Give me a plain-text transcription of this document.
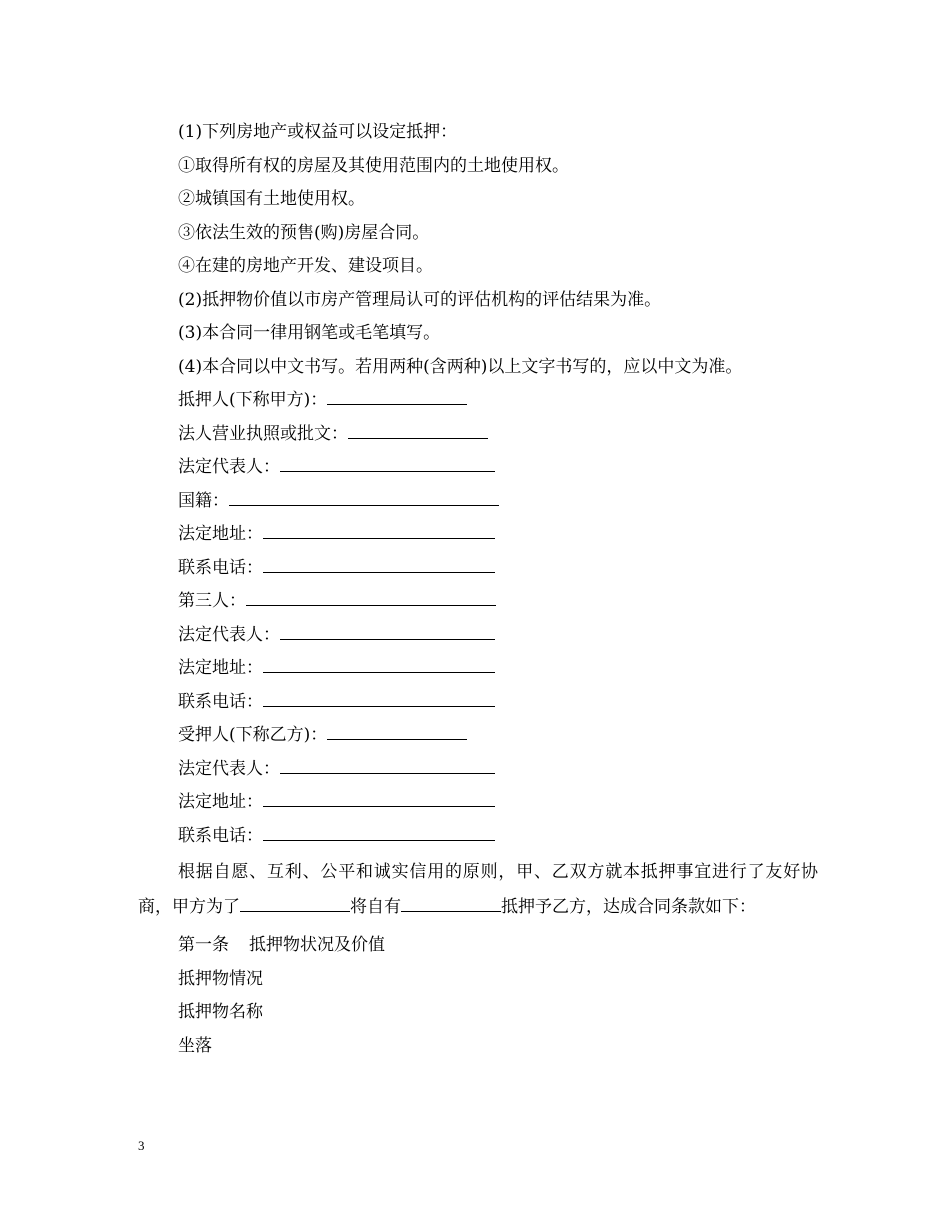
(1)下列房地产或权益可以设定抵押：
①取得所有权的房屋及其使用范围内的土地使用权。
②城镇国有土地使用权。
③依法生效的预售(购)房屋合同。
④在建的房地产开发、建设项目。
(2)抵押物价值以市房产管理局认可的评估机构的评估结果为准。
(3)本合同一律用钢笔或毛笔填写。
(4)本合同以中文书写。若用两种(含两种)以上文字书写的，应以中文为准。
抵押人(下称甲方)：
法人营业执照或批文：
法定代表人：
国籍：
法定地址：
联系电话：
第三人：
法定代表人：
法定地址：
联系电话：
受押人(下称乙方)：
法定代表人：
法定地址：
联系电话：
根据自愿、互利、公平和诚实信用的原则，甲、乙双方就本抵押事宜进行了友好协商，甲方为了	将自有	抵押予乙方，达成合同条款如下：
第一条 抵押物状况及价值
抵押物情况
抵押物名称
坐落
3
